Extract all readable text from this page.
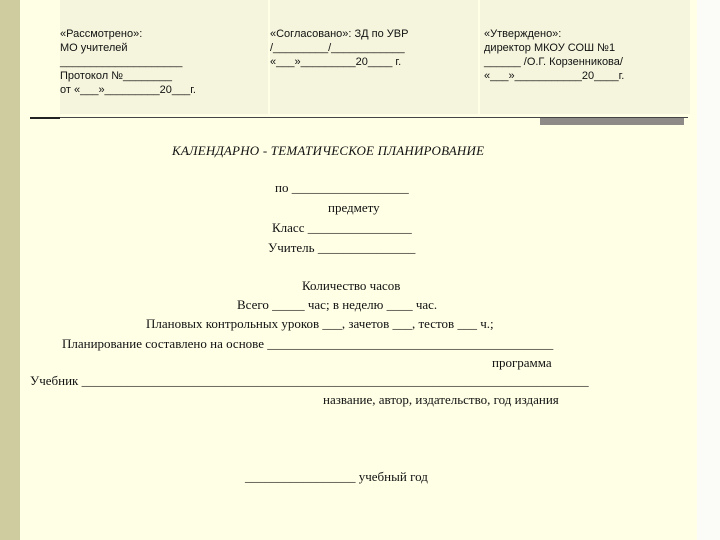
«Рассмотрено»:
МО учителей
____________________
Протокол №________
от «___»_________20___г.
«Согласовано»: ЗД по УВР
/_________/____________
«___»_________20____ г.
«Утверждено»:
директор МКОУ СОШ №1
______ /О.Г. Корзенникова/
«___»___________20____г.
КАЛЕНДАРНО - ТЕМАТИЧЕСКОЕ ПЛАНИРОВАНИЕ
по __________________
предмету
Класс ________________
Учитель _______________
Количество часов
Всего _____ час; в неделю ____ час.
Плановых контрольных уроков ___, зачетов ___, тестов ___ ч.;
Планирование составлено на основе ____________________________________________
программа
Учебник ______________________________________________________________________________
название, автор, издательство, год издания
_________________ учебный год
